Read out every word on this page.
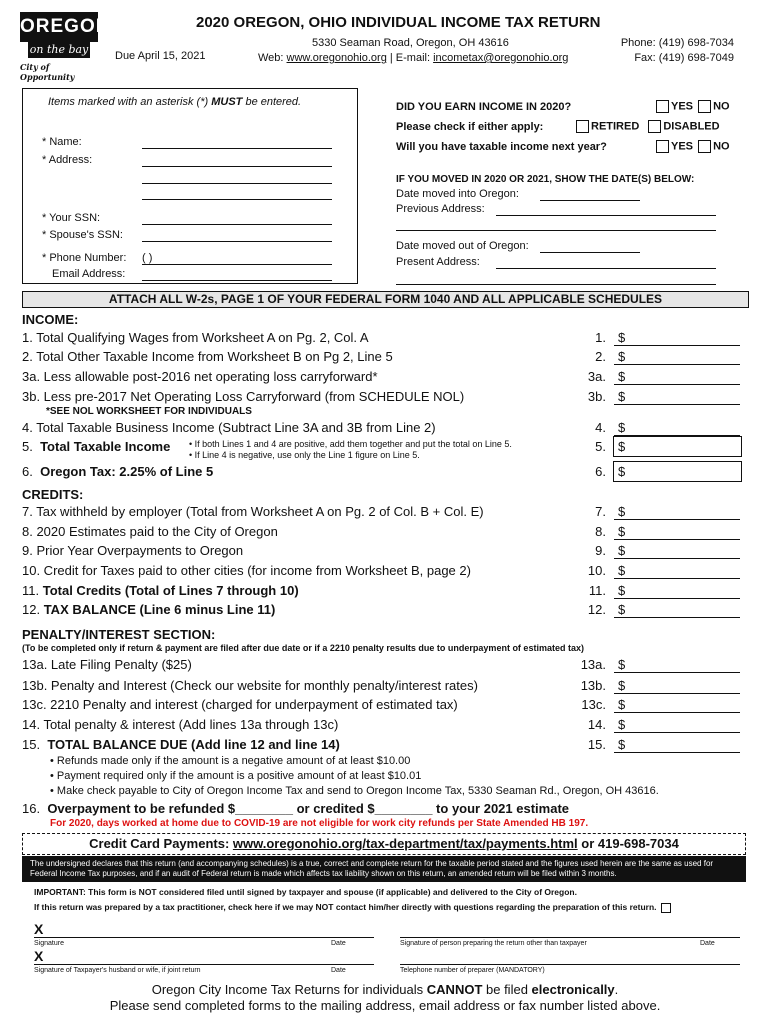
OREGON
on the bay
City of Opportunity
2020 OREGON, OHIO INDIVIDUAL INCOME TAX RETURN
Due April 15, 2021
5330 Seaman Road, Oregon, OH 43616
Web: www.oregonohio.org | E-mail: incometax@oregonohio.org
Phone: (419) 698-7034
Fax: (419) 698-7049
Items marked with an asterisk (*) MUST be entered.
* Name:
* Address:
* Your SSN:
* Spouse's SSN:
* Phone Number: ( )
Email Address:
DID YOU EARN INCOME IN 2020?	YES NO
Please check if either apply:	RETIRED DISABLED
Will you have taxable income next year?	YES NO
IF YOU MOVED IN 2020 OR 2021, SHOW THE DATE(S) BELOW:
Date moved into Oregon:
Previous Address:
Date moved out of Oregon:
Present Address:
ATTACH ALL W-2s, PAGE 1 OF YOUR FEDERAL FORM 1040 AND ALL APPLICABLE SCHEDULES
INCOME:
1. Total Qualifying Wages from Worksheet A on Pg. 2, Col. A	1. $
2. Total Other Taxable Income from Worksheet B on Pg 2, Line 5	2. $
3a. Less allowable post-2016 net operating loss carryforward*	3a. $
3b. Less pre-2017 Net Operating Loss Carryforward (from SCHEDULE NOL)	3b. $
*SEE NOL WORKSHEET FOR INDIVIDUALS
4. Total Taxable Business Income (Subtract Line 3A and 3B from Line 2)	4. $
5. Total Taxable Income • If both Lines 1 and 4 are positive, add them together and put the total on Line 5.
• If Line 4 is negative, use only the Line 1 figure on Line 5.
5. $
6. Oregon Tax: 2.25% of Line 5	6. $
CREDITS:
7. Tax withheld by employer (Total from Worksheet A on Pg. 2 of Col. B + Col. E)	7. $
8. 2020 Estimates paid to the City of Oregon	8. $
9. Prior Year Overpayments to Oregon	9. $
10. Credit for Taxes paid to other cities (for income from Worksheet B, page 2)	10. $
11. Total Credits (Total of Lines 7 through 10)	11. $
12. TAX BALANCE (Line 6 minus Line 11)	12. $
PENALTY/INTEREST SECTION:
(To be completed only if return & payment are filed after due date or if a 2210 penalty results due to underpayment of estimated tax)
13a. Late Filing Penalty ($25)	13a. $
13b. Penalty and Interest (Check our website for monthly penalty/interest rates)	13b. $
13c. 2210 Penalty and interest (charged for underpayment of estimated tax)	13c. $
14. Total penalty & interest (Add lines 13a through 13c)	14. $
15. TOTAL BALANCE DUE (Add line 12 and line 14)	15. $
• Refunds made only if the amount is a negative amount of at least $10.00
• Payment required only if the amount is a positive amount of at least $10.01
• Make check payable to City of Oregon Income Tax and send to Oregon Income Tax, 5330 Seaman Rd., Oregon, OH 43616.
16. Overpayment to be refunded $________ or credited $________ to your 2021 estimate
For 2020, days worked at home due to COVID-19 are not eligible for work city refunds per State Amended HB 197.
Credit Card Payments: www.oregonohio.org/tax-department/tax/payments.html or 419-698-7034
The undersigned declares that this return (and accompanying schedules) is a true, correct and complete return for the taxable period stated and the figures used herein are the same as used for Federal Income Tax purposes, and if an audit of Federal return is made which affects tax liability shown on this return, an amended return will be filed within 3 months.
IMPORTANT: This form is NOT considered filed until signed by taxpayer and spouse (if applicable) and delivered to the City of Oregon.
If this return was prepared by a tax practitioner, check here if we may NOT contact him/her directly with questions regarding the preparation of this return.
X
Signature	Date	Signature of person preparing the return other than taxpayer	Date
X
Signature of Taxpayer's husband or wife, if joint return	Date	Telephone number of preparer (MANDATORY)
Oregon City Income Tax Returns for individuals CANNOT be filed electronically.
Please send completed forms to the mailing address, email address or fax number listed above.
